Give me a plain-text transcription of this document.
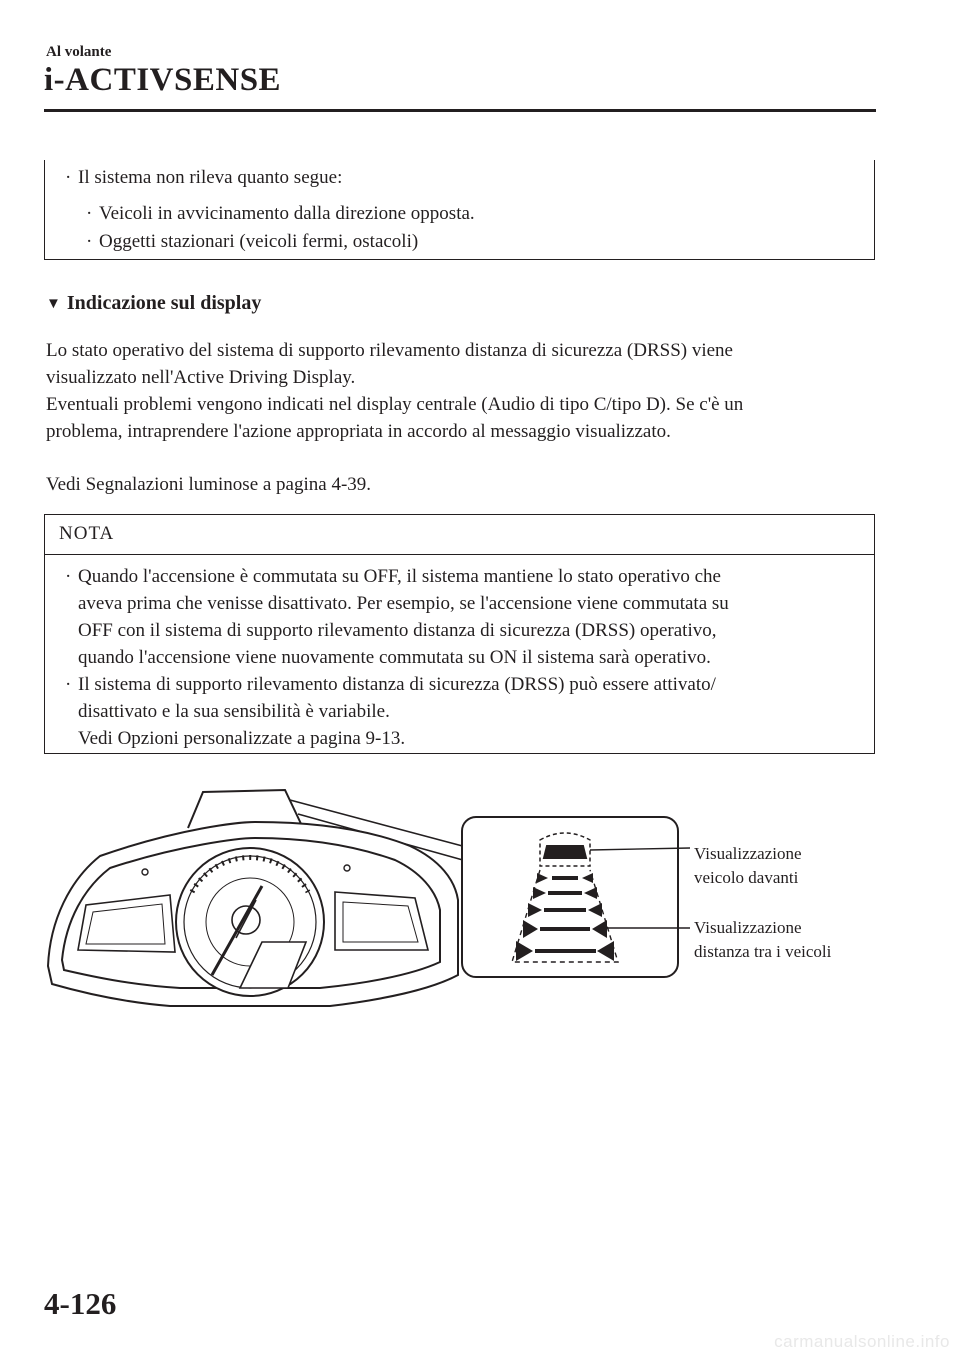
Al volante
i-ACTIVSENSE
· Il sistema non rileva quanto segue:
· Veicoli in avvicinamento dalla direzione opposta.
· Oggetti stazionari (veicoli fermi, ostacoli)
▼ Indicazione sul display
Lo stato operativo del sistema di supporto rilevamento distanza di sicurezza (DRSS) viene
visualizzato nell'Active Driving Display.
Eventuali problemi vengono indicati nel display centrale (Audio di tipo C/tipo D). Se c'è un
problema, intraprendere l'azione appropriata in accordo al messaggio visualizzato.
Vedi Segnalazioni luminose a pagina 4-39.
NOTA
· Quando l'accensione è commutata su OFF, il sistema mantiene lo stato operativo che
aveva prima che venisse disattivato. Per esempio, se l'accensione viene commutata su
OFF con il sistema di supporto rilevamento distanza di sicurezza (DRSS) operativo,
quando l'accensione viene nuovamente commutata su ON il sistema sarà operativo.
· Il sistema di supporto rilevamento distanza di sicurezza (DRSS) può essere attivato/
disattivato e la sua sensibilità è variabile.
Vedi Opzioni personalizzate a pagina 9-13.
Visualizzazione
veicolo davanti
Visualizzazione
distanza tra i veicoli
4-126
carmanualsonline.info
